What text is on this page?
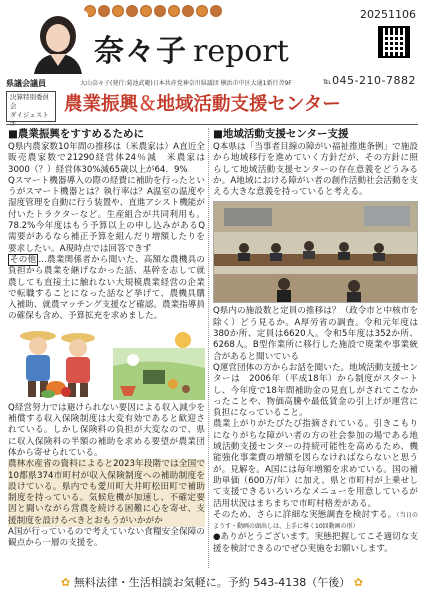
20251106
奈々子 report
県議会議員	大山奈々子(発行:菊池武範)日本共産党神奈川県議団 横浜市中区大通1新行舎9F	℡045-210-7882
決算特別委員会
ダイジェスト②
農業振興＆地域活動支援センター
■農業振興をすすめるために

Q県内農家数10年間の推移は（米農家は）A直近全販売農家数で21290経営体24％減　米農家は3000（？）経営体30%減65歳以上が64．9%

Qスマート機器導入の際の経費に補助を行ったというがスマート機器とは？執行率は？A温室の温度や湿度管理を自動に行う装置や、直進アシスト機能が付いたトラクターなど。生産組合が共同利用も。78.2%今年度はもう予算以上の申し込みがあるQ需要があるなら補正予算を組んだり増額したりを要求したい。A現時点では回答できず

その他 …農業関係者から聞いた、高額な農機具の負担から農業を継げなかった話、基幹を志して就農しても直接土に触れない大規模農業経営の企業で転職することになった話など挙げて、農機具購入補助、就農マッチング支援など確認。農業指導員の確保も含め、予算拡充を求めました。

Q経営努力では避けられない要因による収入減少を補償する収入保険制度は大変有効であると歓迎されている。しかし保険料の負担が大変なので、県に収入保険料の半額の補助を求める要望が農業団体から寄せられている。

農林水産省の資料によると2023年段階では全国で10都県374市町村が収入保険制度への補助制度を設けている。県内でも愛川町大井町松田町で補助制度を持っている。気候危機が加速し、不確定要因と闘いながら営農を続ける困難に心を寄せ、支援制度を設けるべきとおもうがいかがか

A国が行っているので考えていない食糧安全保障の観点から一層の支援を。

■地域活動支援センター支援

Q本県は「当事者目線の障がい福祉推進条例」で施設から地域移行を進めていく方針だが、その方針に照らして地域活動支援センターの存在意義をどうみるか。A地域における障がい者の創作活動社会活動を支える大きな意義を持っていると考える。

Q県内の施設数と定員の推移は？（政令市と中核市を除く）どう見るか。A厚労省の調査。令和元年度は380か所、定員は6620人。令和5年度は352か所、6268人。B型作業所に移行した施設で廃業や事業統合があると聞いている

Q運営団体の方からお話を聞いた。地域活動支援センターは　2006年（平成18年）から制度がスタートし、今年度で18年間補助金の見直しがされてこなかったことや、物価高騰や最低賃金の引上げが運営に負担になっていること。

農業上がりがたびたび指摘されている。引きこもりになりがちな障がい者の方の社会参加の場である地域活動支援センターの持続可能性を高めるため、機能強化事業費の増額を図らなければならないと思うが。見解を。A国には毎年増額を求めている。国の補助単価（600万/年）に加え、県と市町村が上乗せして支援できるいろいろなメニューを用意しているが活用状況はまちまちで市町村格差がある。

そのため、さらに詳細な実態調査を検討する。（当日のようす・動画の頭出しは、上手に導く10回動画の形）

●ありがとうございます。実態把握してこそ適切な支援を検討できるのでぜひ実施をお願いします。

✿ 無料法律・生活相談お気軽に。予約 543-4138（午後） ✿
